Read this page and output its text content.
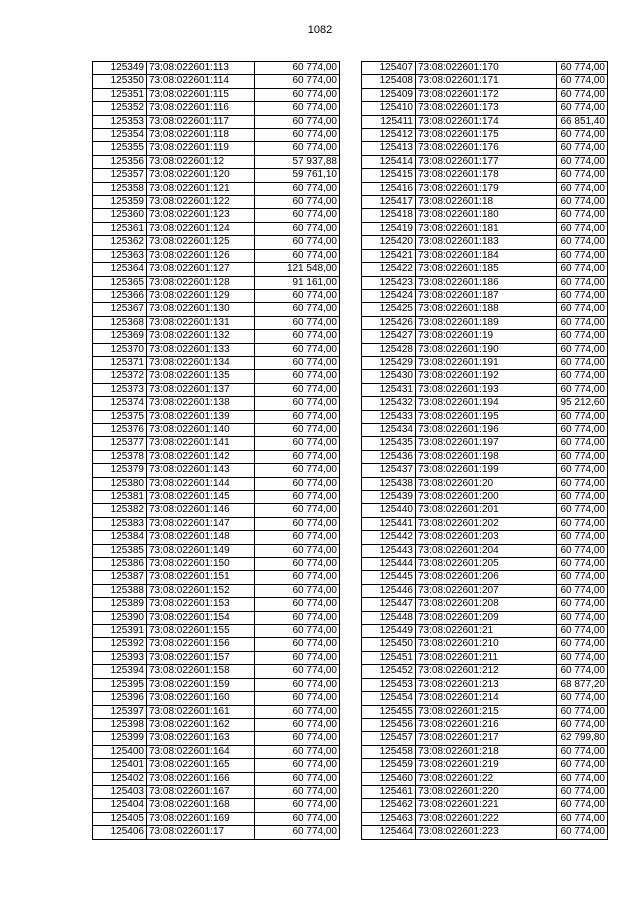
1082
125349	73:08:022601:113	60 774,00
125350	73:08:022601:114	60 774,00
125351	73:08:022601:115	60 774,00
125352	73:08:022601:116	60 774,00
125353	73:08:022601:117	60 774,00
125354	73:08:022601:118	60 774,00
125355	73:08:022601:119	60 774,00
125356	73:08:022601:12	57 937,88
125357	73:08:022601:120	59 761,10
125358	73:08:022601:121	60 774,00
125359	73:08:022601:122	60 774,00
125360	73:08:022601:123	60 774,00
125361	73:08:022601:124	60 774,00
125362	73:08:022601:125	60 774,00
125363	73:08:022601:126	60 774,00
125364	73:08:022601:127	121 548,00
125365	73:08:022601:128	91 161,00
125366	73:08:022601:129	60 774,00
125367	73:08:022601:130	60 774,00
125368	73:08:022601:131	60 774,00
125369	73:08:022601:132	60 774,00
125370	73:08:022601:133	60 774,00
125371	73:08:022601:134	60 774,00
125372	73:08:022601:135	60 774,00
125373	73:08:022601:137	60 774,00
125374	73:08:022601:138	60 774,00
125375	73:08:022601:139	60 774,00
125376	73:08:022601:140	60 774,00
125377	73:08:022601:141	60 774,00
125378	73:08:022601:142	60 774,00
125379	73:08:022601:143	60 774,00
125380	73:08:022601:144	60 774,00
125381	73:08:022601:145	60 774,00
125382	73:08:022601:146	60 774,00
125383	73:08:022601:147	60 774,00
125384	73:08:022601:148	60 774,00
125385	73:08:022601:149	60 774,00
125386	73:08:022601:150	60 774,00
125387	73:08:022601:151	60 774,00
125388	73:08:022601:152	60 774,00
125389	73:08:022601:153	60 774,00
125390	73:08:022601:154	60 774,00
125391	73:08:022601:155	60 774,00
125392	73:08:022601:156	60 774,00
125393	73:08:022601:157	60 774,00
125394	73:08:022601:158	60 774,00
125395	73:08:022601:159	60 774,00
125396	73:08:022601:160	60 774,00
125397	73:08:022601:161	60 774,00
125398	73:08:022601:162	60 774,00
125399	73:08:022601:163	60 774,00
125400	73:08:022601:164	60 774,00
125401	73:08:022601:165	60 774,00
125402	73:08:022601:166	60 774,00
125403	73:08:022601:167	60 774,00
125404	73:08:022601:168	60 774,00
125405	73:08:022601:169	60 774,00
125406	73:08:022601:17	60 774,00
125407	73:08:022601:170	60 774,00
125408	73:08:022601:171	60 774,00
125409	73:08:022601:172	60 774,00
125410	73:08:022601:173	60 774,00
125411	73:08:022601:174	66 851,40
125412	73:08:022601:175	60 774,00
125413	73:08:022601:176	60 774,00
125414	73:08:022601:177	60 774,00
125415	73:08:022601:178	60 774,00
125416	73:08:022601:179	60 774,00
125417	73:08:022601:18	60 774,00
125418	73:08:022601:180	60 774,00
125419	73:08:022601:181	60 774,00
125420	73:08:022601:183	60 774,00
125421	73:08:022601:184	60 774,00
125422	73:08:022601:185	60 774,00
125423	73:08:022601:186	60 774,00
125424	73:08:022601:187	60 774,00
125425	73:08:022601:188	60 774,00
125426	73:08:022601:189	60 774,00
125427	73:08:022601:19	60 774,00
125428	73:08:022601:190	60 774,00
125429	73:08:022601:191	60 774,00
125430	73:08:022601:192	60 774,00
125431	73:08:022601:193	60 774,00
125432	73:08:022601:194	95 212,60
125433	73:08:022601:195	60 774,00
125434	73:08:022601:196	60 774,00
125435	73:08:022601:197	60 774,00
125436	73:08:022601:198	60 774,00
125437	73:08:022601:199	60 774,00
125438	73:08:022601:20	60 774,00
125439	73:08:022601:200	60 774,00
125440	73:08:022601:201	60 774,00
125441	73:08:022601:202	60 774,00
125442	73:08:022601:203	60 774,00
125443	73:08:022601:204	60 774,00
125444	73:08:022601:205	60 774,00
125445	73:08:022601:206	60 774,00
125446	73:08:022601:207	60 774,00
125447	73:08:022601:208	60 774,00
125448	73:08:022601:209	60 774,00
125449	73:08:022601:21	60 774,00
125450	73:08:022601:210	60 774,00
125451	73:08:022601:211	60 774,00
125452	73:08:022601:212	60 774,00
125453	73:08:022601:213	68 877,20
125454	73:08:022601:214	60 774,00
125455	73:08:022601:215	60 774,00
125456	73:08:022601:216	60 774,00
125457	73:08:022601:217	62 799,80
125458	73:08:022601:218	60 774,00
125459	73:08:022601:219	60 774,00
125460	73:08:022601:22	60 774,00
125461	73:08:022601:220	60 774,00
125462	73:08:022601:221	60 774,00
125463	73:08:022601:222	60 774,00
125464	73:08:022601:223	60 774,00
